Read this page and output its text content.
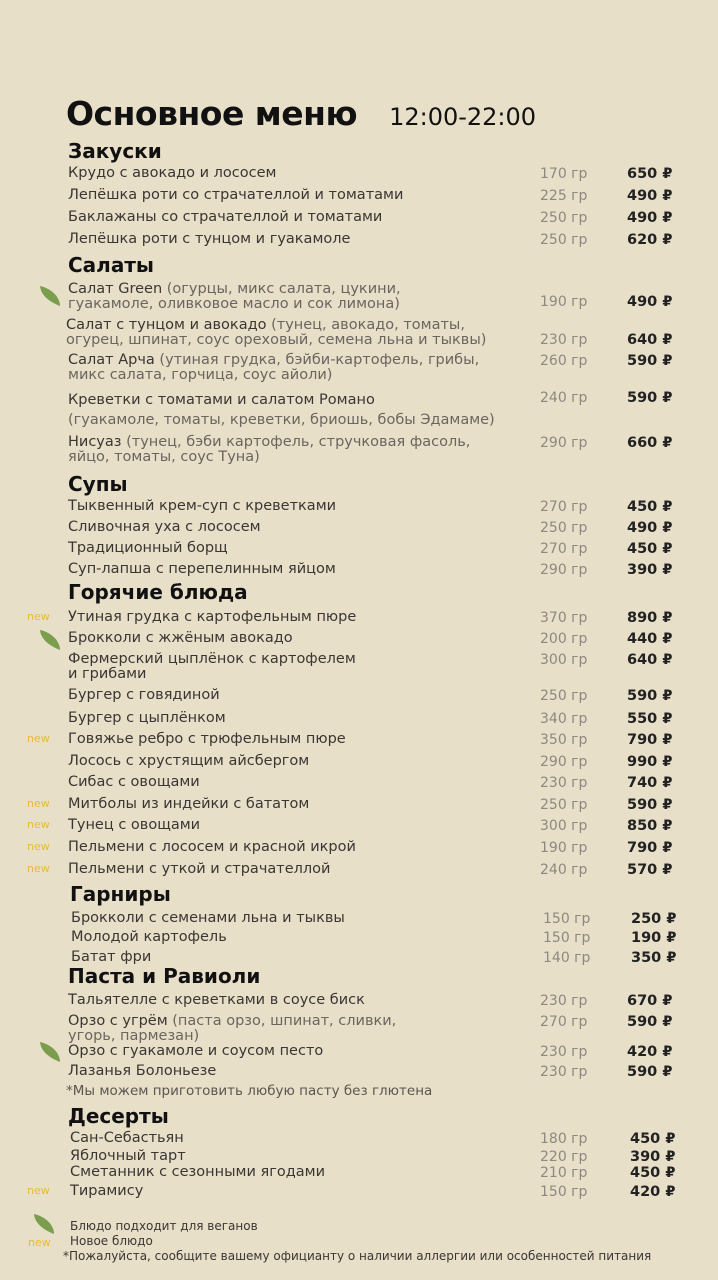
Основное меню 12:00-22:00
Закуски
Крудо с авокадо и лососем	170 гр	650 ₽
Лепёшка роти со страчателлой и томатами	225 гр	490 ₽
Баклажаны со страчателлой и томатами	250 гр	490 ₽
Лепёшка роти с тунцом и гуакамоле	250 гр	620 ₽
Салаты
Салат Green (огурцы, микс салата, цукини,
гуакамоле, оливковое масло и сок лимона)	190 гр	490 ₽
Салат с тунцом и авокадо (тунец, авокадо, томаты,
огурец, шпинат, соус ореховый, семена льна и тыквы)	230 гр	640 ₽
Салат Арча (утиная грудка, бэйби-картофель, грибы,
микс салата, горчица, соус айоли)
260 гр	590 ₽
Креветки с томатами и салатом Романо
(гуакамоле, томаты, креветки, бриошь, бобы Эдамаме)
240 гр	590 ₽
Нисуаз (тунец, бэби картофель, стручковая фасоль,
яйцо, томаты, соус Туна)
290 гр	660 ₽
Супы
Тыквенный крем-суп с креветками	270 гр	450 ₽
Сливочная уха с лососем	250 гр	490 ₽
Традиционный борщ	270 гр	450 ₽
Суп-лапша с перепелинным яйцом	290 гр	390 ₽
Горячие блюда
new Утиная грудка с картофельным пюре	370 гр	890 ₽
Брокколи с жжёным авокадо	200 гр	440 ₽
Фермерский цыплёнок с картофелем
и грибами
300 гр	640 ₽
Бургер с говядиной	250 гр	590 ₽
Бургер с цыплёнком	340 гр	550 ₽
new Говяжье ребро с трюфельным пюре	350 гр	790 ₽
Лосось с хрустящим айсбергом	290 гр	990 ₽
Сибас с овощами	230 гр	740 ₽
new Митболы из индейки с бататом	250 гр	590 ₽
new Тунец с овощами	300 гр	850 ₽
new Пельмени с лососем и красной икрой	190 гр	790 ₽
new Пельмени с уткой и страчателлой	240 гр	570 ₽
Гарниры
Брокколи с семенами льна и тыквы	150 гр	250 ₽
Молодой картофель	150 гр	190 ₽
Батат фри	140 гр	350 ₽
Паста и Равиоли
Тальятелле с креветками в соусе биск	230 гр	670 ₽
Орзо с угрём (паста орзо, шпинат, сливки,
угорь, пармезан)
270 гр	590 ₽
Орзо с гуакамоле и соусом песто	230 гр	420 ₽
Лазанья Болоньезе	230 гр	590 ₽
*Мы можем приготовить любую пасту без глютена
Десерты
Сан-Себастьян	180 гр	450 ₽
Яблочный тарт	220 гр	390 ₽
Сметанник с сезонными ягодами	210 гр	450 ₽
new Тирамису	150 гр	420 ₽
Блюдо подходит для веганов
new Новое блюдо
*Пожалуйста, сообщите вашему официанту о наличии аллергии или особенностей питания
